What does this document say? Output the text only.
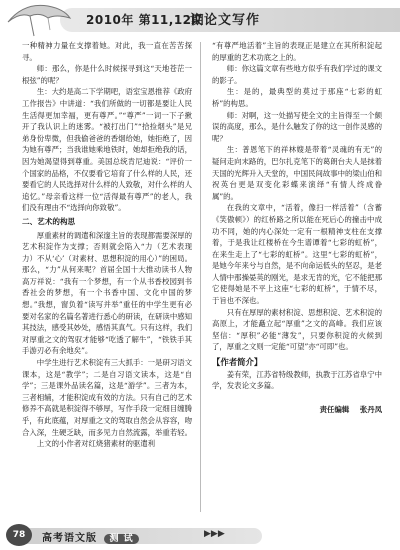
2010年 第11,12期
议论文写作

一种精神力量在支撑着她。对此，我一直在苦苦探寻。

师：那么，你是什么时候探寻到这“天地苍茫一根弦”的呢？

生：大约是高二下学期吧，语室宝恩推荐《政府工作报告》中讲道：“我们所做的一切都是要让人民生活得更加幸福，更有尊严。”“尊严”一词一下子揪开了我认识上的迷雾。“被打出门”“拾捡烟头”是兄弟身份卑微，但我偷爸爸的香烟给她，她拒绝了，因为她有尊严；当我谁她乘地铁时，她却拒绝我的话，因为她渴望得到尊重。美国总统肯尼迪说：“评价一个国家的品格，不仅要看它培育了什么样的人民，还要看它的人民选择对什么样的人致敬，对什么样的人追忆。”母亲看这样一位“活得最有尊严”的老人，我们没有理由不“选择向你致敬”。

二、艺术的构思

厚重素材的调遣和深邃主旨的表现都需要深厚的艺术积淀作为支撑；否则就会陷入“力（艺术表现力）不从‘心’（对素材、思想积淀的用心）”的困局。那么，“力”从何来呢？首届全国十大推动读书人物高万祥说：“我有一个梦想，有一个从书香校园到书香社会的梦想，有一个书香中国、文化中国的梦想。”我想，窗负着“读写并举”重任的中学生更有必要对名家的名篇名著进行悉心的研读，在研读中感知其技法，感受其妙处，感悟其真气。只有这样，我们对厚重之文的驾驭才能够“吃透了解牛”，“铁铁手其手游刃必有余地矣”。

中学生进行艺术积淀有三大抓手：一是研习语文课本，这是“教学”；二是自习语文读本，这是“自学”；三是课外品读名篇，这是“游学”。三者为本，三者相辅，才能积淀成有效的方法。只有自己的艺术修养不高就是积淀得不够厚，写作手段一定细目缠腾乎，有此底蕴，对厚重之文的驾取自然会从容容，吻合入深，生硬乏缺，而多见力自然流露，举重若轻。

上文的小作者对红烧猪素材的驱遣利

“有尊严地活着”主旨的表现正是建立在其所积淀起的厚重的艺术功底之上的。

师：你这篇文章有些地方似乎有我们学过的课文的影子。

生：是的，最典型的莫过于那座“七彩的虹桥”的构思。

师：对啊，这一处描写使全文的主旨得至一个颇误的高度，那么，是什么触发了你的这一创作灵感的呢？

生：普恩笔下的祥林嫂是带着“灵魂的有无”的疑问走向末路的，巴尔扎克笔下的葛朗台夫人是抹着天国的光辉升入天堂的，中国民间故事中的梁山伯和祝英台更是双变化彩蝶来演绎“有情人终成眷属”的。

在我的文章中，“活着，像扫一样活着”（含蓄《笑傲顿》）的红桥路之所以能在死后心的撞击中成功不同，她的内心深处一定有一根精神支柱在支撑着，于是我让红楼桥在今生谱谭着“七彩的虹桥”，在来生走上了“七彩的虹桥”。这里“七彩的虹桥”，是她今年来兮与自然，是不向命运低头的坚忍，是老人情中那操晏英的刚光，是求无肯的光，它不能把那它使得她是不平上这座“七彩的虹桥”，于情不尽，于旨也不深也。

只有在厚厚的素材积淀、思想积淀、艺术积淀的高原上，才能矗立起“厚重”之文的高峰。我们应该坚信：“厚积”必能“薄发”，只要你积淀的火候到了，厚重之文则一定能“可望”亦“可即”也。

【作者简介】

姜有荣，江苏省特级教师，执教于江苏省阜宁中学，发表论文多篇。

责任编辑 张丹凤
78	高考语文版 测 试	▶▶▶
